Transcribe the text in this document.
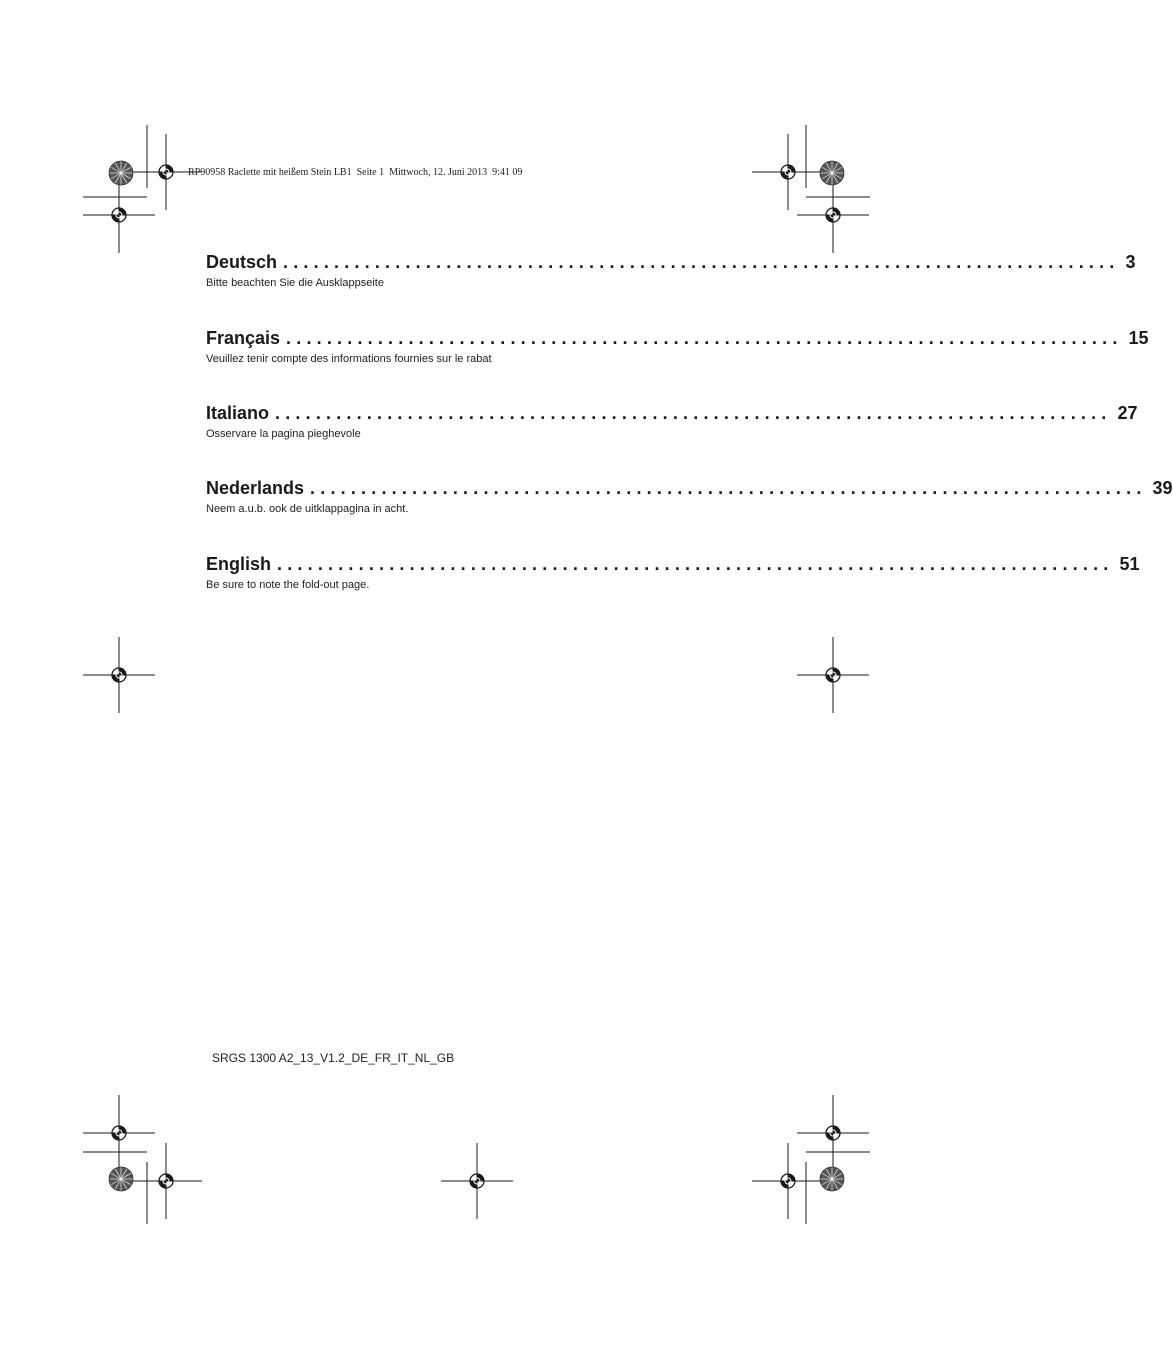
RP90958 Raclette mit heißem Stein LB1  Seite 1  Mittwoch, 12. Juni 2013  9:41 09
Deutsch .................................................................................. 3
Bitte beachten Sie die Ausklappseite
Français .................................................................................. 15
Veuillez tenir compte des informations fournies sur le rabat
Italiano .................................................................................. 27
Osservare la pagina pieghevole
Nederlands .................................................................................. 39
Neem a.u.b. ook de uitklappagina in acht.
English .................................................................................. 51
Be sure to note the fold-out page.
SRGS 1300 A2_13_V1.2_DE_FR_IT_NL_GB
